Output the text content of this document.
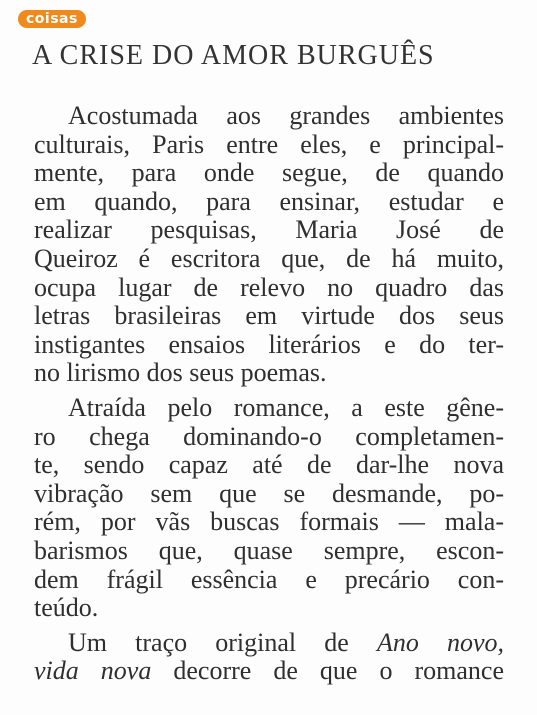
coisas
A CRISE DO AMOR BURGUÊS
Acostumada aos grandes ambientes
culturais, Paris entre eles, e principal-
mente, para onde segue, de quando
em quando, para ensinar, estudar e
realizar pesquisas, Maria José de
Queiroz é escritora que, de há muito,
ocupa lugar de relevo no quadro das
letras brasileiras em virtude dos seus
instigantes ensaios literários e do ter-
no lirismo dos seus poemas.
Atraída pelo romance, a este gêne-
ro chega dominando-o completamen-
te, sendo capaz até de dar-lhe nova
vibração sem que se desmande, po-
rém, por vãs buscas formais — mala-
barismos que, quase sempre, escon-
dem frágil essência e precário con-
teúdo.
Um traço original de Ano novo,
vida nova decorre de que o romance
